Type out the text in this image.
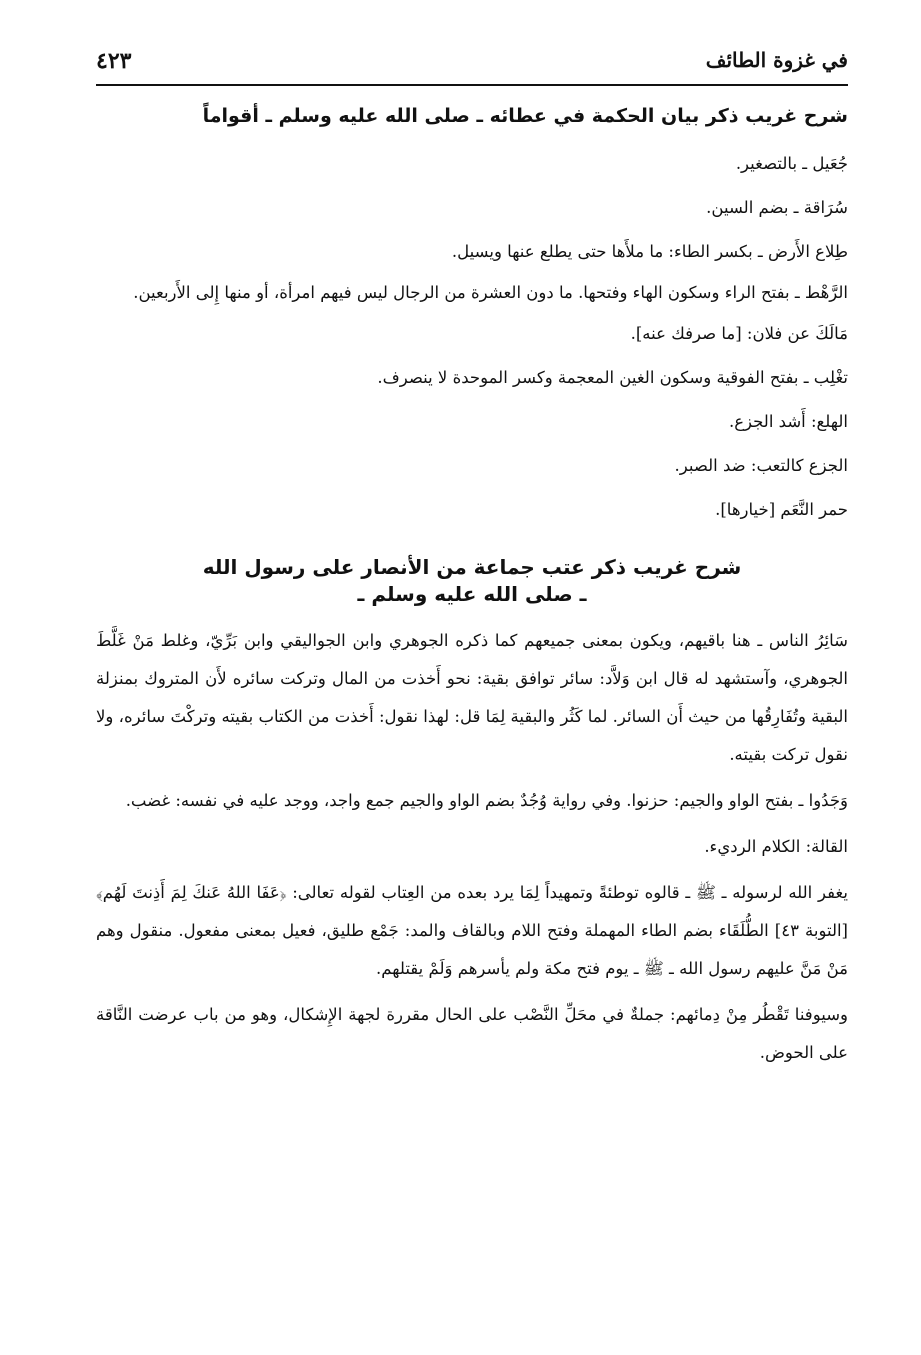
في غزوة الطائف
٤٢٣
شرح غريب ذكر بيان الحكمة في عطائه ـ صلى الله عليه وسلم ـ أقواماً

جُعَيل ـ بالتصغير.

سُرَاقة ـ بضم السين.

طِلاع الأَرض ـ بكسر الطاء: ما ملأَها حتى يطلع عنها ويسيل.

الرَّهْط ـ بفتح الراء وسكون الهاء وفتحها. ما دون العشرة من الرجال ليس فيهم امرأة، أو منها إِلى الأَربعين.

مَالَكَ عن فلان: [ما صرفك عنه].

تغْلِب ـ بفتح الفوقية وسكون الغين المعجمة وكسر الموحدة لا ينصرف.

الهلع: أَشد الجزع.

الجزع كالتعب: ضد الصبر.

حمر النَّعَم [خيارها].

شرح غريب ذكر عتب جماعة من الأنصار على رسول الله
ـ صلى الله عليه وسلم ـ

سَائِرُ الناس ـ هنا باقيهم، ويكون بمعنى جميعهم كما ذكره الجوهري وابن الجواليقي وابن بَرِّيّ، وغلط مَنْ غَلَّطَ الجوهري، وآستشهد له قال ابن وَلاَّد: سائر توافق بقية: نحو أَخذت من المال وتركت سائره لأَن المتروك بمنزلة البقية وتُفَارِقُها من حيث أَن السائر. لما كَثُر والبقية لِمَا قل: لهذا نقول: أَخذت من الكتاب بقيته وتركْتَ سائره، ولا نقول تركت بقيته.

وَجَدُوا ـ بفتح الواو والجيم: حزنوا. وفي رواية وُجُدٌ بضم الواو والجيم جمع واجد، ووجد عليه في نفسه: غضب.

القالة: الكلام الرديء.

يغفر الله لرسوله ـ ﷺ ـ قالوه توطئةً وتمهيداً لِمَا يرد بعده من العِتاب لقوله تعالى: ﴿عَفَا اللهُ عَنكَ لِمَ أَذِنتَ لَهُم﴾[التوبة ٤٣] الطُّلَقَاء بضم الطاء المهملة وفتح اللام وبالقاف والمد: جَمْع طليق، فعيل بمعنى مفعول. منقول وهم مَنْ مَنَّ عليهم رسول الله ـ ﷺ ـ يوم فتح مكة ولم يأسرهم وَلَمْ يقتلهم.

وسيوفنا تَقْطُر مِنْ دِمائهم: جملةٌ في محَلِّ النَّصْب على الحال مقررة لجهة الإِشكال، وهو من باب عرضت النَّاقة على الحوض.
